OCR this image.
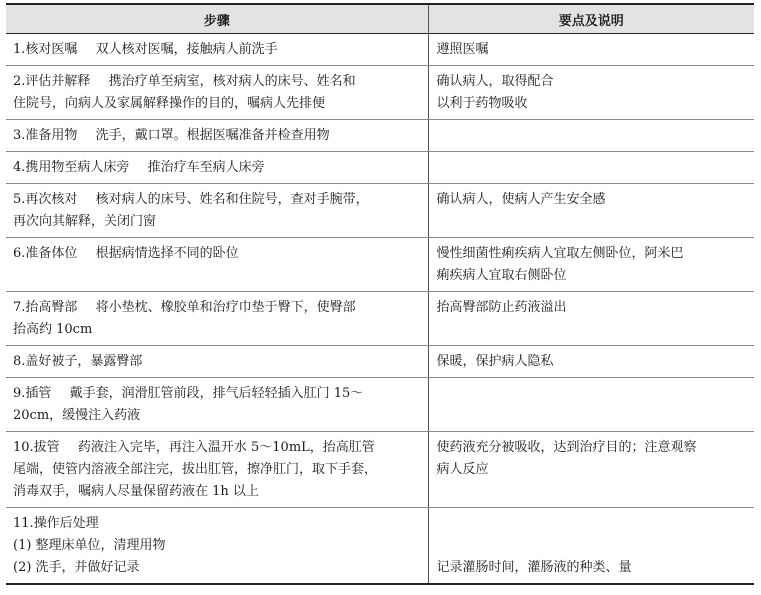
步骤	要点及说明
1.核对医嘱 双人核对医嘱，接触病人前洗手	遵照医嘱

2.评估并解释 携治疗单至病室，核对病人的床号、姓名和
住院号，向病人及家属解释操作的目的，嘱病人先排便	确认病人，取得配合
以利于药物吸收

3.准备用物 洗手，戴口罩。根据医嘱准备并检查用物	
4.携用物至病人床旁 推治疗车至病人床旁	
5.再次核对 核对病人的床号、姓名和住院号，查对手腕带，
再次向其解释，关闭门窗	确认病人，使病人产生安全感

6.准备体位 根据病情选择不同的卧位	慢性细菌性痢疾病人宜取左侧卧位，阿米巴
痢疾病人宜取右侧卧位

7.抬高臀部 将小垫枕、橡胶单和治疗巾垫于臀下，使臀部
抬高约 10cm	抬高臀部防止药液溢出

8.盖好被子，暴露臀部	保暖，保护病人隐私

9.插管 戴手套，润滑肛管前段，排气后轻轻插入肛门 15～
20cm，缓慢注入药液	

10.拔管 药液注入完毕，再注入温开水 5～10mL，抬高肛管
尾端，使管内溶液全部注完，拔出肛管，擦净肛门，取下手套，
消毒双手，嘱病人尽量保留药液在 1h 以上	使药液充分被吸收，达到治疗目的；注意观察
病人反应

11.操作后处理
(1) 整理床单位，清理用物
(2) 洗手，并做好记录	记录灌肠时间，灌肠液的种类、量
